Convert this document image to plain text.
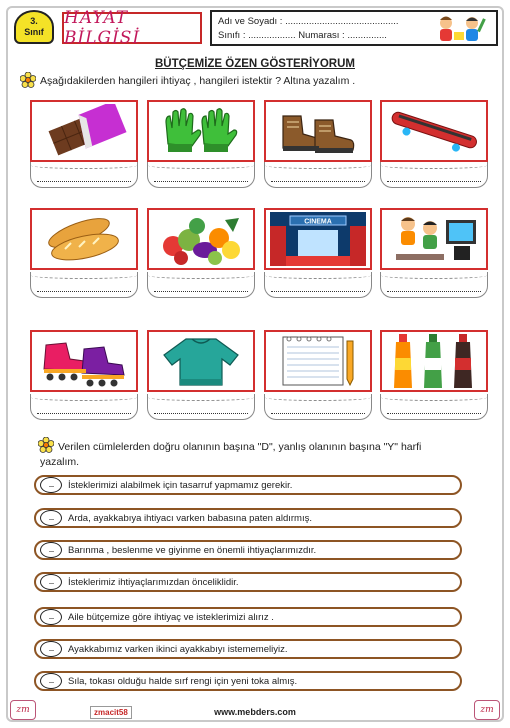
3.
Sınıf
HAYAT BİLGİSİ
Adı ve Soyadı : ...........................................
Sınıfı : .................. Numarası : ...............
BÜTÇEMİZE ÖZEN GÖSTERİYORUM
Aşağıdakilerden hangileri ihtiyaç , hangileri istektir ? Altına yazalım .
CINEMA
Verilen cümlelerden doğru olanının başına "D", yanlış olanının başına "Y" harfi
yazalım.
.....	İsteklerimizi alabilmek için tasarruf yapmamız gerekir.
.....	Arda, ayakkabıya ihtiyacı varken babasına paten aldırmış.
.....	Barınma , beslenme ve giyinme en önemli ihtiyaçlarımızdır.
.....	İsteklerimiz ihtiyaçlarımızdan önceliklidir.
.....	Aile bütçemize göre ihtiyaç ve isteklerimizi alırız .
.....	Ayakkabımız varken ikinci ayakkabıyı istememeliyiz.
.....	Sıla, tokası olduğu halde sırf rengi için yeni toka almış.
zm	zmacit58	www.mebders.com	zm
